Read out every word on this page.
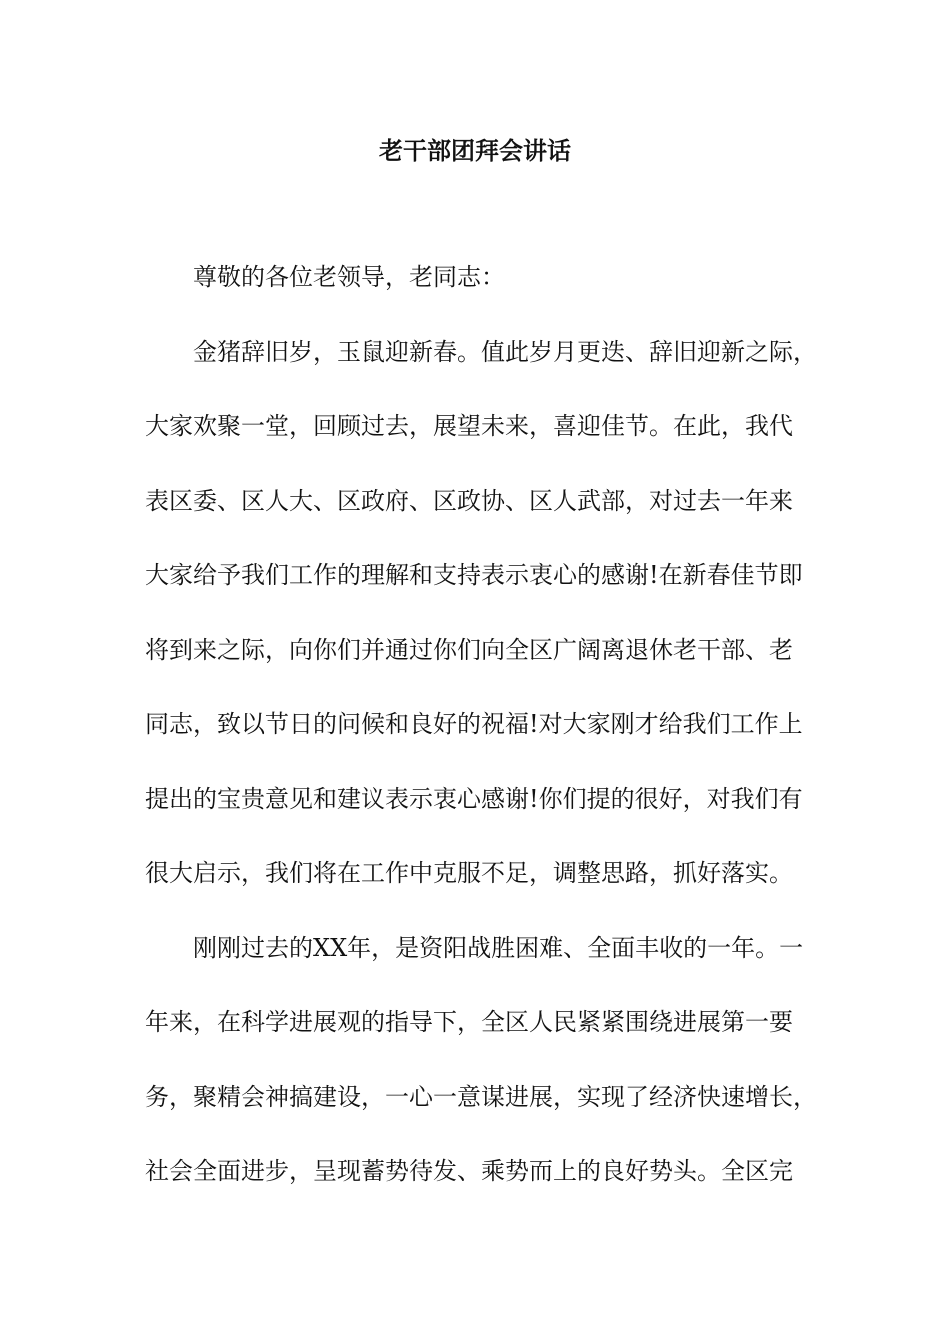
老干部团拜会讲话
尊敬的各位老领导，老同志：
金猪辞旧岁，玉鼠迎新春。值此岁月更迭、辞旧迎新之际，
大家欢聚一堂，回顾过去，展望未来，喜迎佳节。在此，我代
表区委、区人大、区政府、区政协、区人武部，对过去一年来
大家给予我们工作的理解和支持表示衷心的感谢!在新春佳节即
将到来之际，向你们并通过你们向全区广阔离退休老干部、老
同志，致以节日的问候和良好的祝福!对大家刚才给我们工作上
提出的宝贵意见和建议表示衷心感谢!你们提的很好，对我们有
很大启示，我们将在工作中克服不足，调整思路，抓好落实。
刚刚过去的XX年，是资阳战胜困难、全面丰收的一年。一
年来，在科学进展观的指导下，全区人民紧紧围绕进展第一要
务，聚精会神搞建设，一心一意谋进展，实现了经济快速增长，
社会全面进步，呈现蓄势待发、乘势而上的良好势头。全区完
